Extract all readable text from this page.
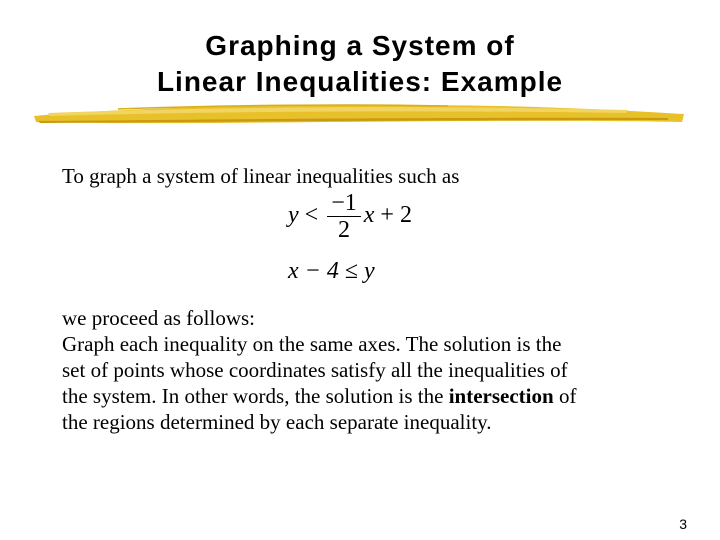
Graphing a System of
Linear Inequalities: Example
To graph a system of linear inequalities such as
$y < \frac{-1}{2}$ x + 2
x − 4 ≤ y
we proceed as follows:
Graph each inequality on the same axes. The solution is the
set of points whose coordinates satisfy all the inequalities of
the system. In other words, the solution is the intersection of
the regions determined by each separate inequality.
3
